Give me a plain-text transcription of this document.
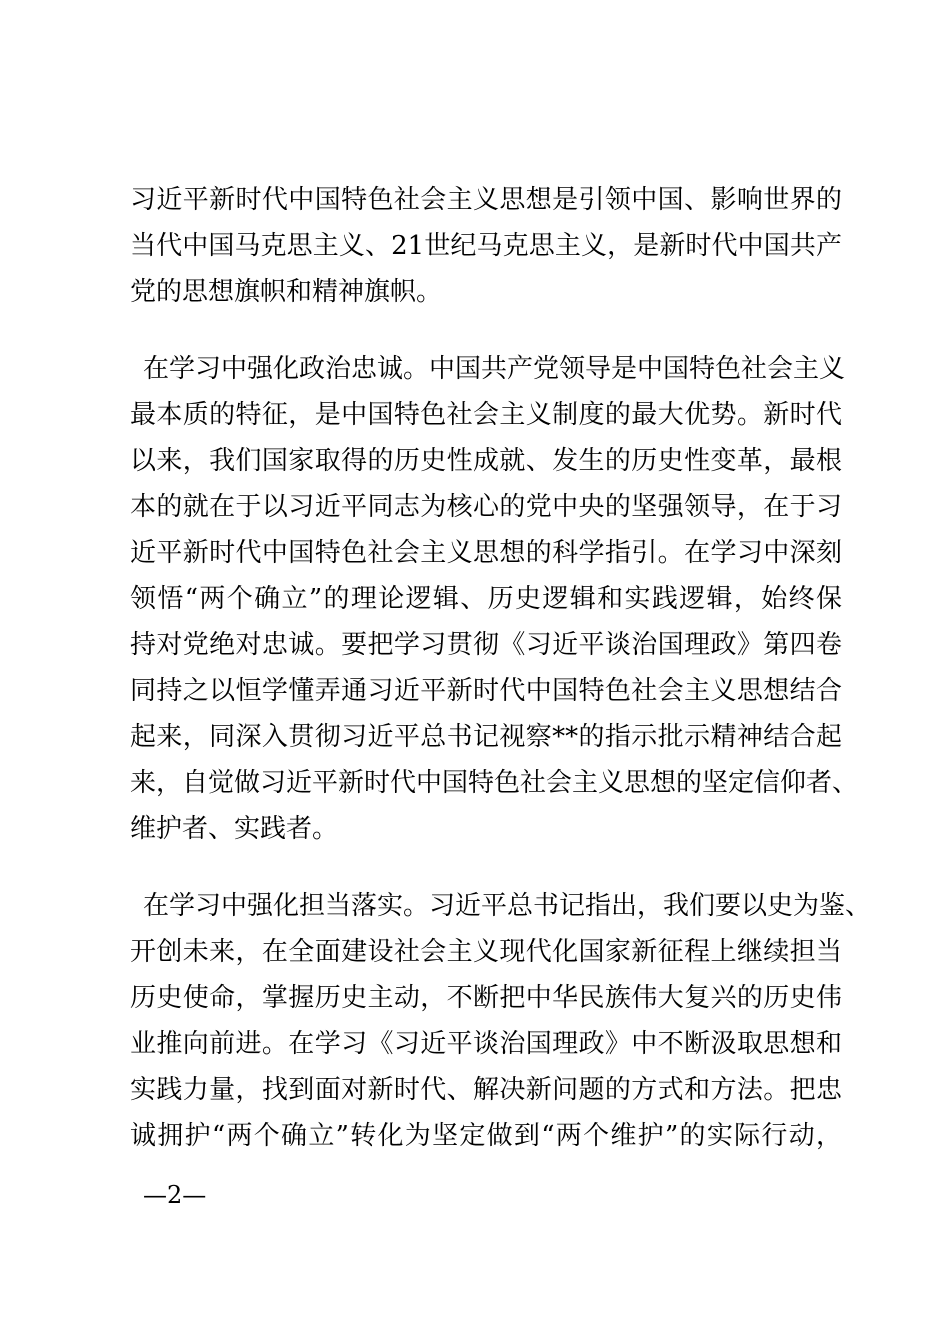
习近平新时代中国特色社会主义思想是引领中国、影响世界的
当代中国马克思主义、21世纪马克思主义，是新时代中国共产
党的思想旗帜和精神旗帜。
在学习中强化政治忠诚。中国共产党领导是中国特色社会主义
最本质的特征，是中国特色社会主义制度的最大优势。新时代
以来，我们国家取得的历史性成就、发生的历史性变革，最根
本的就在于以习近平同志为核心的党中央的坚强领导，在于习
近平新时代中国特色社会主义思想的科学指引。在学习中深刻
领悟“两个确立”的理论逻辑、历史逻辑和实践逻辑，始终保
持对党绝对忠诚。要把学习贯彻《习近平谈治国理政》第四卷
同持之以恒学懂弄通习近平新时代中国特色社会主义思想结合
起来，同深入贯彻习近平总书记视察**的指示批示精神结合起
来，自觉做习近平新时代中国特色社会主义思想的坚定信仰者、
维护者、实践者。
在学习中强化担当落实。习近平总书记指出，我们要以史为鉴、
开创未来，在全面建设社会主义现代化国家新征程上继续担当
历史使命，掌握历史主动，不断把中华民族伟大复兴的历史伟
业推向前进。在学习《习近平谈治国理政》中不断汲取思想和
实践力量，找到面对新时代、解决新问题的方式和方法。把忠
诚拥护“两个确立”转化为坚定做到“两个维护”的实际行动，
—2—
